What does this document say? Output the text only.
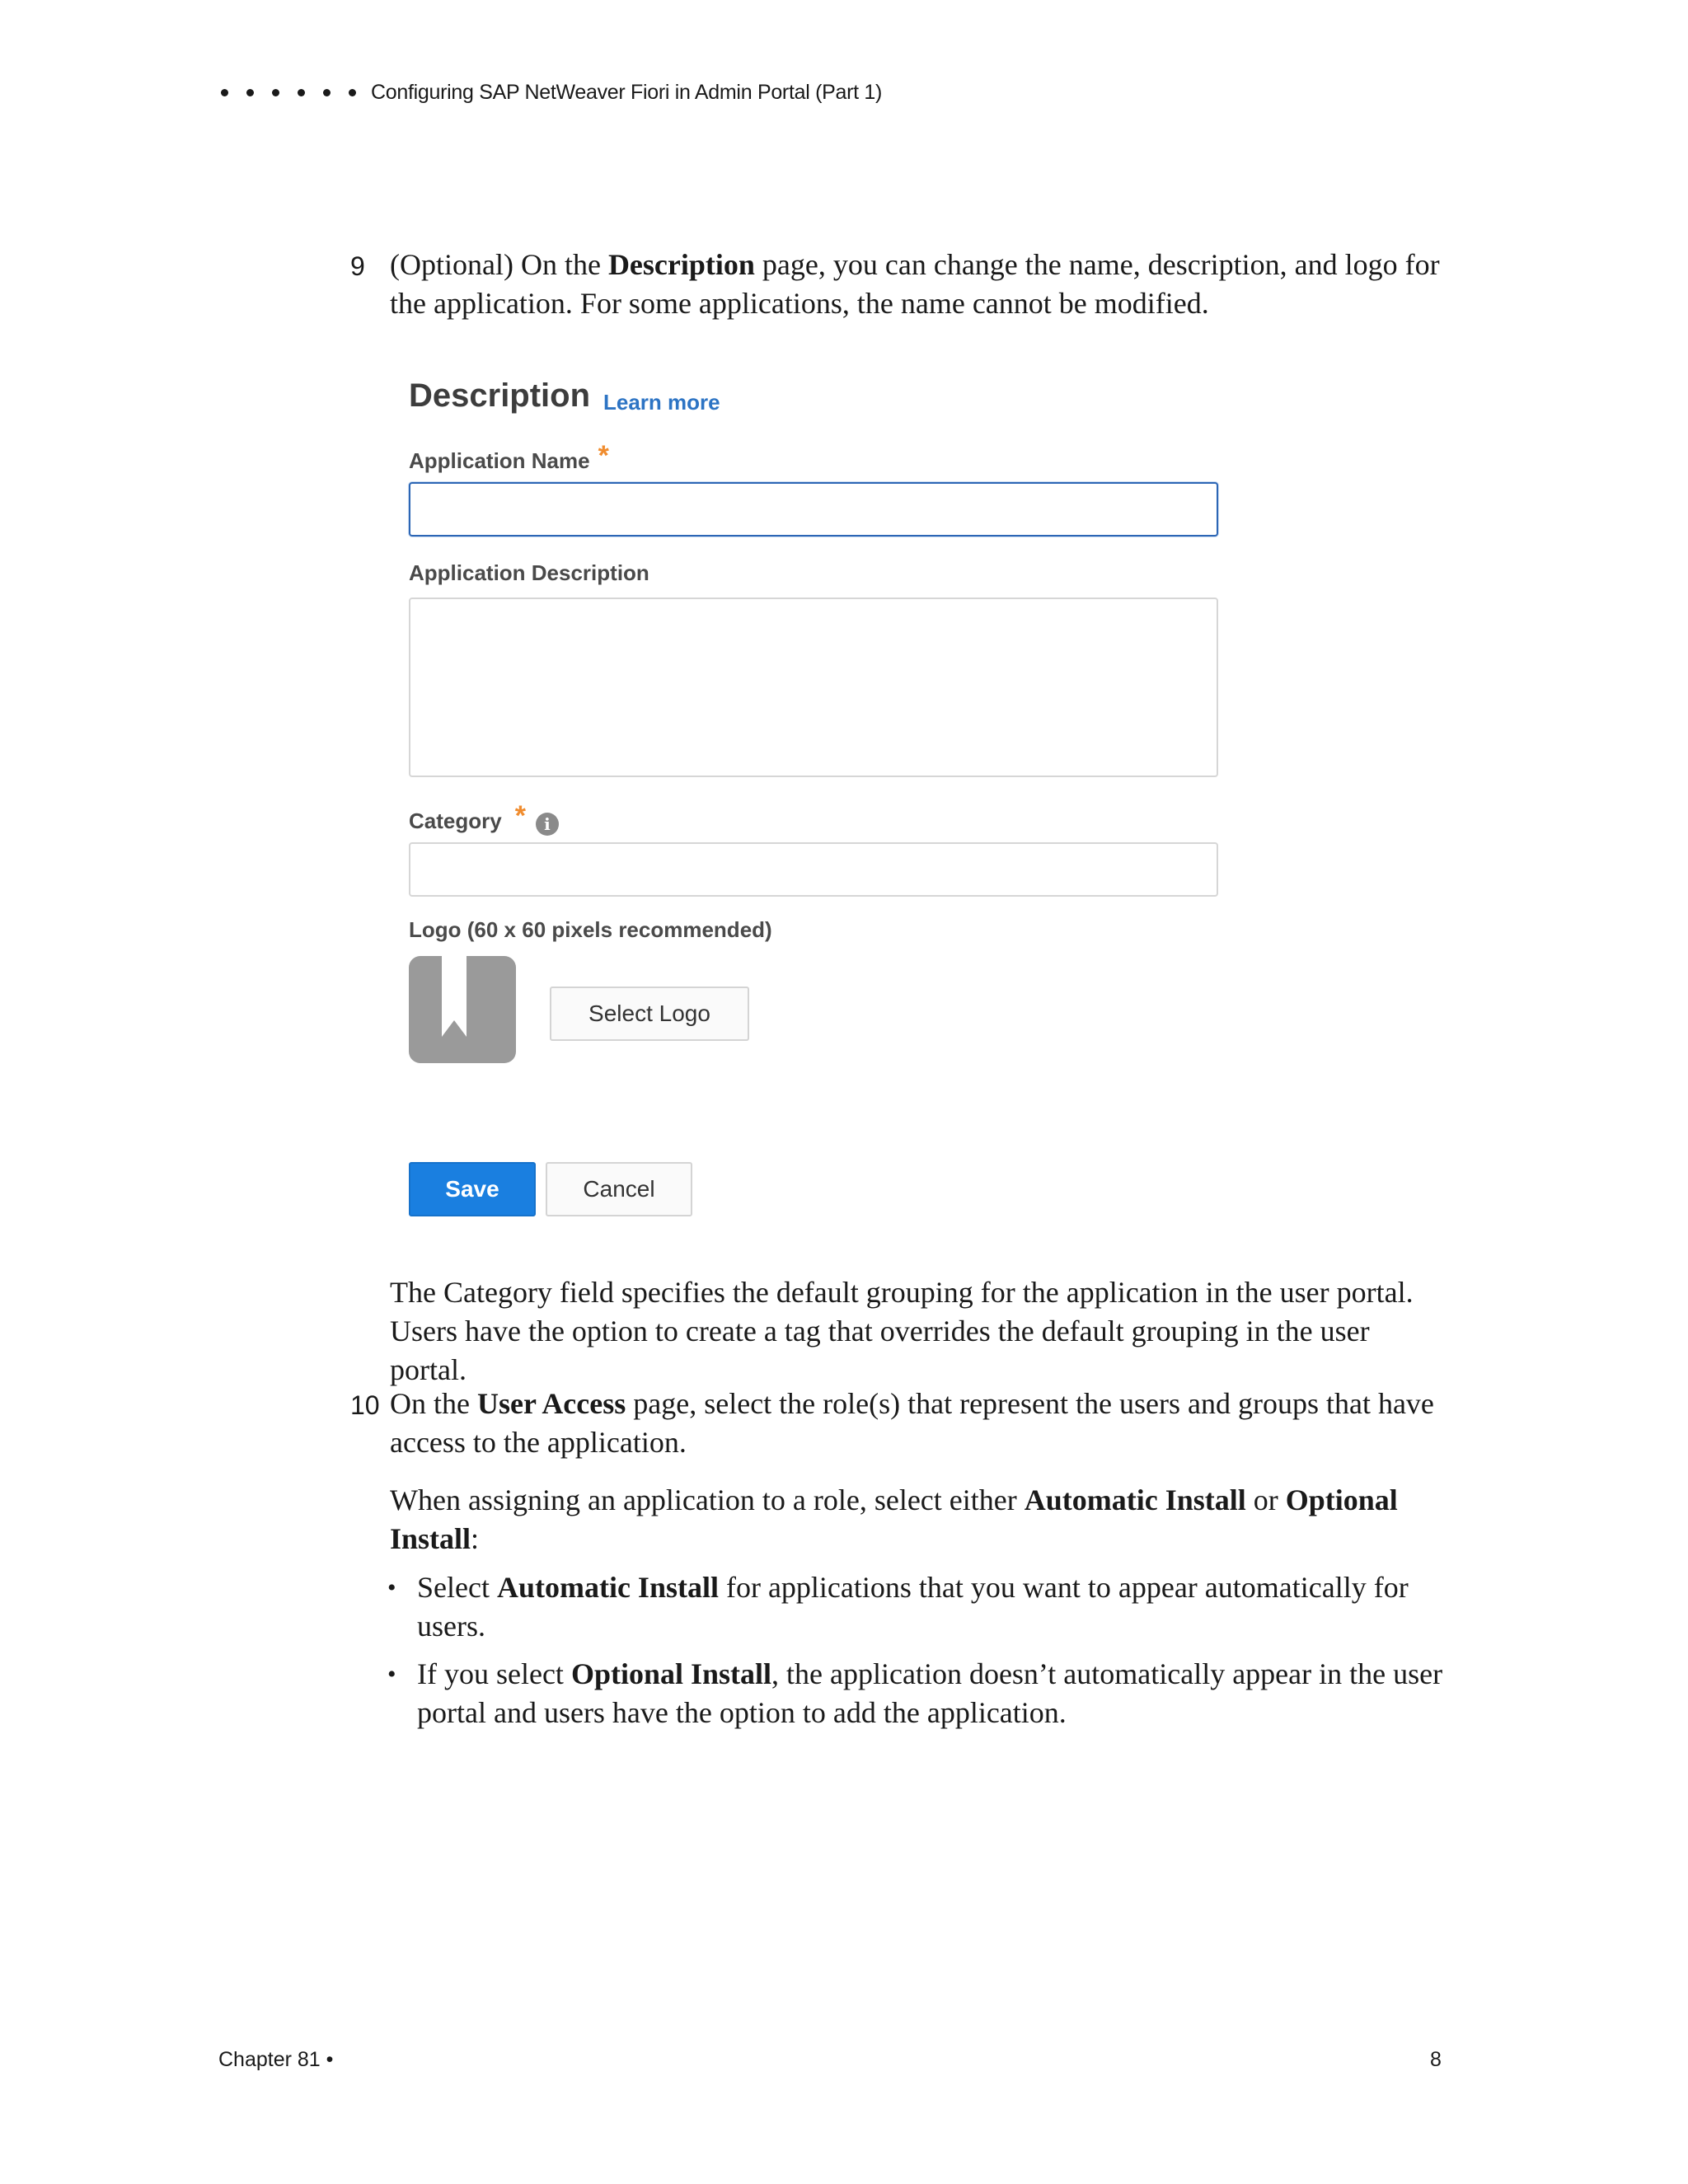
Configuring SAP NetWeaver Fiori in Admin Portal (Part 1)
9 (Optional) On the Description page, you can change the name, description, and logo for the application. For some applications, the name cannot be modified.
Description Learn more
Application Name *
Application Description
Category * i
Logo (60 x 60 pixels recommended)
Select Logo
Save	Cancel
The Category field specifies the default grouping for the application in the user portal. Users have the option to create a tag that overrides the default grouping in the user portal.
10 On the User Access page, select the role(s) that represent the users and groups that have access to the application.
When assigning an application to a role, select either Automatic Install or Optional Install:
• Select Automatic Install for applications that you want to appear automatically for users.
• If you select Optional Install, the application doesn’t automatically appear in the user portal and users have the option to add the application.
Chapter 81 •	8
